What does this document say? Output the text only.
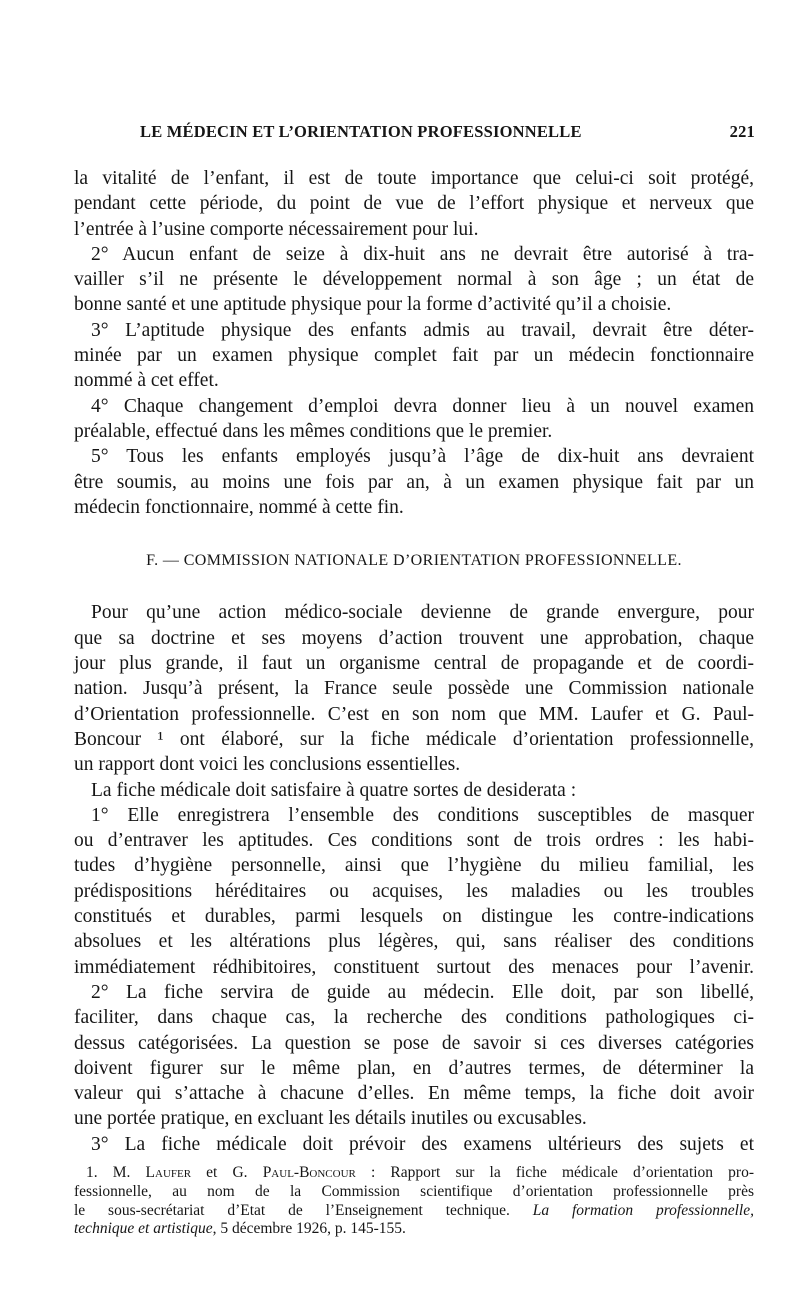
LE MÉDECIN ET L’ORIENTATION PROFESSIONNELLE	221

la vitalité de l’enfant, il est de toute importance que celui-ci soit protégé,

pendant cette période, du point de vue de l’effort physique et nerveux que

l’entrée à l’usine comporte nécessairement pour lui.

2° Aucun enfant de seize à dix-huit ans ne devrait être autorisé à tra-

vailler s’il ne présente le développement normal à son âge ; un état de

bonne santé et une aptitude physique pour la forme d’activité qu’il a choisie.

3° L’aptitude physique des enfants admis au travail, devrait être déter-

minée par un examen physique complet fait par un médecin fonctionnaire

nommé à cet effet.

4° Chaque changement d’emploi devra donner lieu à un nouvel examen

préalable, effectué dans les mêmes conditions que le premier.

5° Tous les enfants employés jusqu’à l’âge de dix-huit ans devraient

être soumis, au moins une fois par an, à un examen physique fait par un

médecin fonctionnaire, nommé à cette fin.

F. — COMMISSION NATIONALE D’ORIENTATION PROFESSIONNELLE.

Pour qu’une action médico-sociale devienne de grande envergure, pour

que sa doctrine et ses moyens d’action trouvent une approbation, chaque

jour plus grande, il faut un organisme central de propagande et de coordi-

nation. Jusqu’à présent, la France seule possède une Commission nationale

d’Orientation professionnelle. C’est en son nom que MM. Laufer et G. Paul-

Boncour ¹ ont élaboré, sur la fiche médicale d’orientation professionnelle,

un rapport dont voici les conclusions essentielles.

La fiche médicale doit satisfaire à quatre sortes de desiderata :

1° Elle enregistrera l’ensemble des conditions susceptibles de masquer

ou d’entraver les aptitudes. Ces conditions sont de trois ordres : les habi-

tudes d’hygiène personnelle, ainsi que l’hygiène du milieu familial, les

prédispositions héréditaires ou acquises, les maladies ou les troubles

constitués et durables, parmi lesquels on distingue les contre-indications

absolues et les altérations plus légères, qui, sans réaliser des conditions

immédiatement rédhibitoires, constituent surtout des menaces pour l’avenir.

2° La fiche servira de guide au médecin. Elle doit, par son libellé,

faciliter, dans chaque cas, la recherche des conditions pathologiques ci-

dessus catégorisées. La question se pose de savoir si ces diverses catégories

doivent figurer sur le même plan, en d’autres termes, de déterminer la

valeur qui s’attache à chacune d’elles. En même temps, la fiche doit avoir

une portée pratique, en excluant les détails inutiles ou excusables.

3° La fiche médicale doit prévoir des examens ultérieurs des sujets et

1. M. Laufer et G. Paul-Boncour : Rapport sur la fiche médicale d’orientation pro-

fessionnelle, au nom de la Commission scientifique d’orientation professionnelle près

le sous-secrétariat d’Etat de l’Enseignement technique. La formation professionnelle,

technique et artistique, 5 décembre 1926, p. 145-155.
